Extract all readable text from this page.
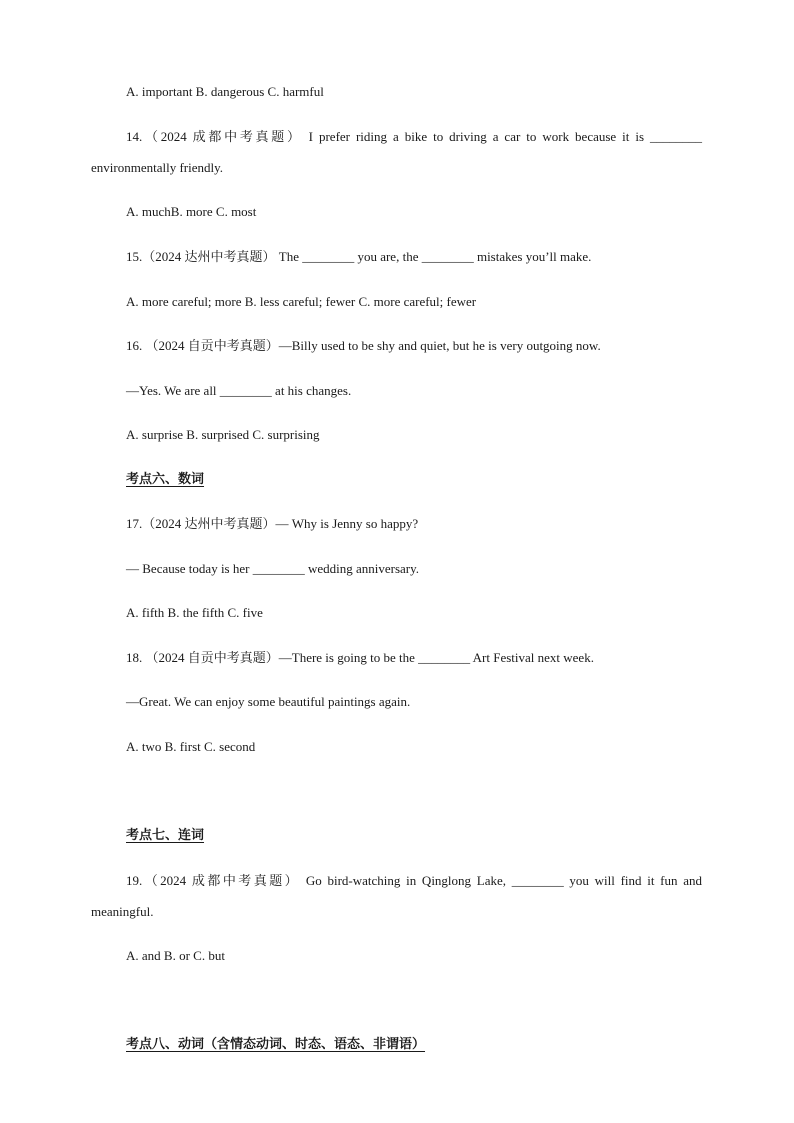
A. important B. dangerous C. harmful
14.（2024 成都中考真题） I prefer riding a bike to driving a car to work because it is ________
environmentally friendly.
A. muchB. more C. most
15.（2024 达州中考真题） The ________ you are, the ________ mistakes you’ll make.
A. more careful; more B. less careful; fewer C. more careful; fewer
16. （2024 自贡中考真题）—Billy used to be shy and quiet, but he is very outgoing now.
—Yes. We are all ________ at his changes.
A. surprise B. surprised C. surprising
考点六、数词
17.（2024 达州中考真题）— Why is Jenny so happy?
— Because today is her ________ wedding anniversary.
A. fifth B. the fifth C. five
18. （2024 自贡中考真题）—There is going to be the ________ Art Festival next week.
—Great. We can enjoy some beautiful paintings again.
A. two B. first C. second
考点七、连词
19.（2024 成都中考真题） Go bird-watching in Qinglong Lake, ________ you will find it fun and
meaningful.
A. and B. or C. but
考点八、动词（含情态动词、时态、语态、非谓语）
